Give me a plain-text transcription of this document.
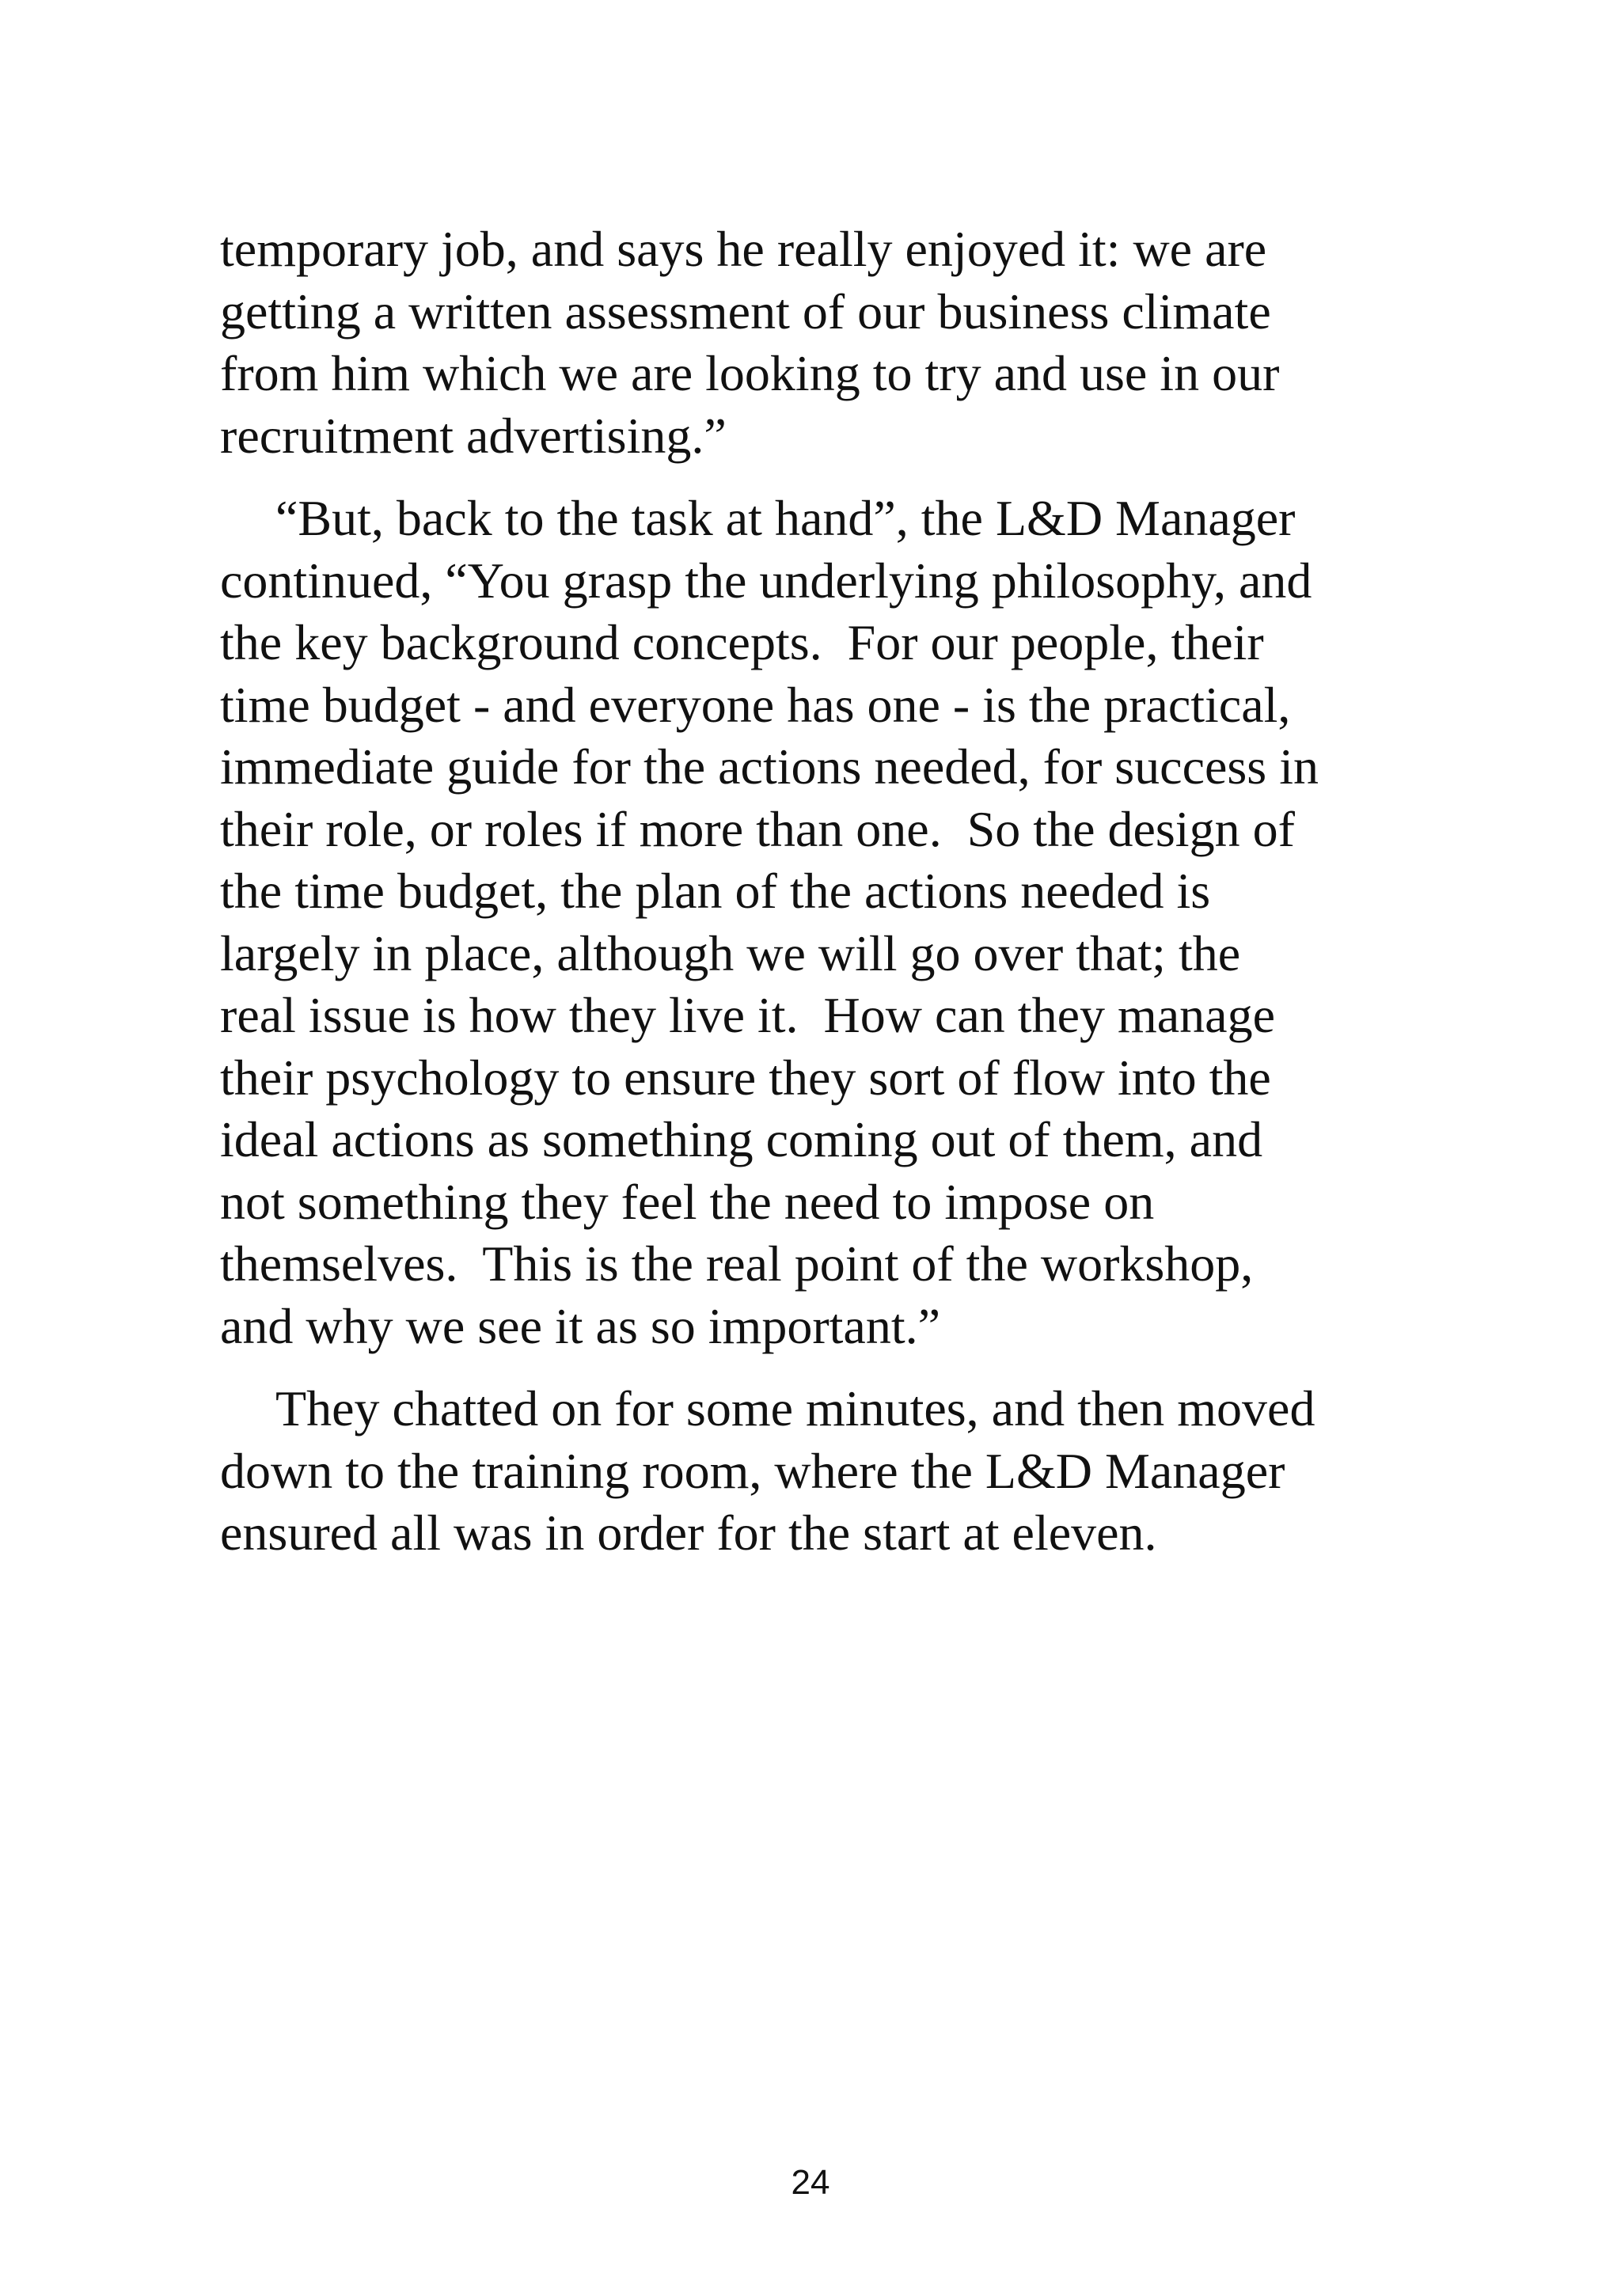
temporary job, and says he really enjoyed it: we are
getting a written assessment of our business climate
from him which we are looking to try and use in our
recruitment advertising.”
“But, back to the task at hand”, the L&D Manager
continued, “You grasp the underlying philosophy, and
the key background concepts.  For our people, their
time budget - and everyone has one - is the practical,
immediate guide for the actions needed, for success in
their role, or roles if more than one.  So the design of
the time budget, the plan of the actions needed is
largely in place, although we will go over that; the
real issue is how they live it.  How can they manage
their psychology to ensure they sort of flow into the
ideal actions as something coming out of them, and
not something they feel the need to impose on
themselves.  This is the real point of the workshop,
and why we see it as so important.”
They chatted on for some minutes, and then moved
down to the training room, where the L&D Manager
ensured all was in order for the start at eleven.
24
